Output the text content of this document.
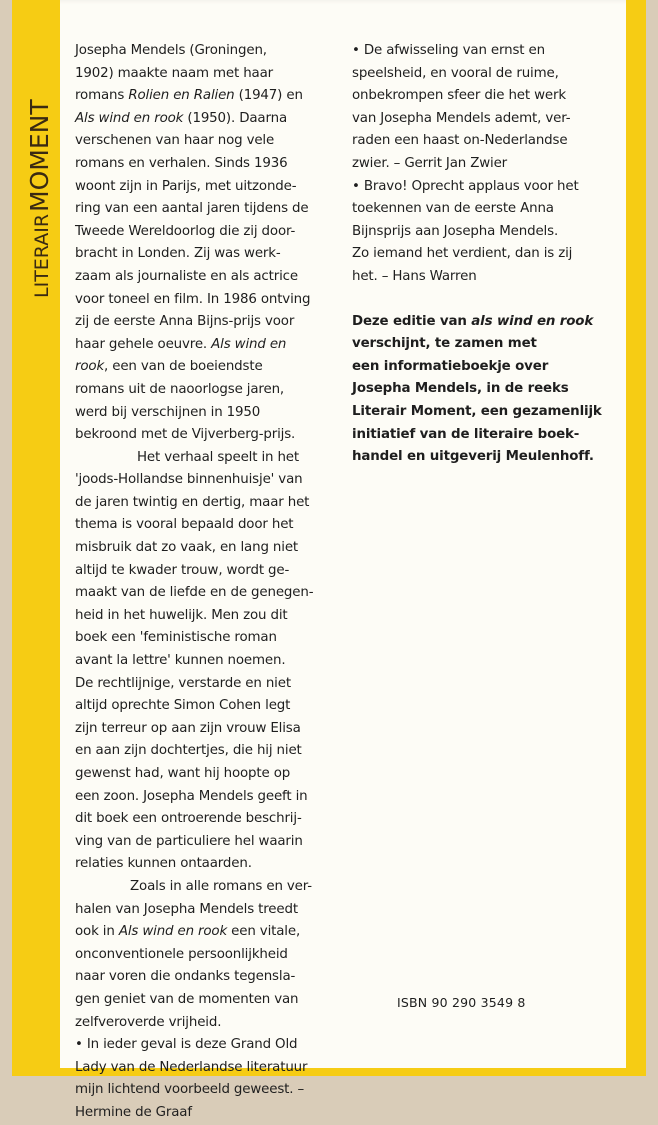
LITERAIRMOMENT
Josepha Mendels (Groningen,
1902) maakte naam met haar
romans Rolien en Ralien (1947) en
Als wind en rook (1950). Daarna
verschenen van haar nog vele
romans en verhalen. Sinds 1936
woont zijn in Parijs, met uitzonde-
ring van een aantal jaren tijdens de
Tweede Wereldoorlog die zij door-
bracht in Londen. Zij was werk-
zaam als journaliste en als actrice
voor toneel en film. In 1986 ontving
zij de eerste Anna Bijns-prijs voor
haar gehele oeuvre. Als wind en
rook, een van de boeiendste
romans uit de naoorlogse jaren,
werd bij verschijnen in 1950
bekroond met de Vijverberg-prijs.
Het verhaal speelt in het
'joods-Hollandse binnenhuisje' van
de jaren twintig en dertig, maar het
thema is vooral bepaald door het
misbruik dat zo vaak, en lang niet
altijd te kwader trouw, wordt ge-
maakt van de liefde en de genegen-
heid in het huwelijk. Men zou dit
boek een 'feministische roman
avant la lettre' kunnen noemen.
De rechtlijnige, verstarde en niet
altijd oprechte Simon Cohen legt
zijn terreur op aan zijn vrouw Elisa
en aan zijn dochtertjes, die hij niet
gewenst had, want hij hoopte op
een zoon. Josepha Mendels geeft in
dit boek een ontroerende beschrij-
ving van de particuliere hel waarin
relaties kunnen ontaarden.
Zoals in alle romans en ver-
halen van Josepha Mendels treedt
ook in Als wind en rook een vitale,
onconventionele persoonlijkheid
naar voren die ondanks tegensla-
gen geniet van de momenten van
zelfveroverde vrijheid.
• In ieder geval is deze Grand Old
Lady van de Nederlandse literatuur
mijn lichtend voorbeeld geweest. –
Hermine de Graaf
• De afwisseling van ernst en
speelsheid, en vooral de ruime,
onbekrompen sfeer die het werk
van Josepha Mendels ademt, ver-
raden een haast on-Nederlandse
zwier. – Gerrit Jan Zwier
• Bravo! Oprecht applaus voor het
toekennen van de eerste Anna
Bijnsprijs aan Josepha Mendels.
Zo iemand het verdient, dan is zij
het. – Hans Warren
Deze editie van als wind en rook
verschijnt, te zamen met
een informatieboekje over
Josepha Mendels, in de reeks
Literair Moment, een gezamenlijk
initiatief van de literaire boek-
handel en uitgeverij Meulenhoff.
ISBN 90 290 3549 8
